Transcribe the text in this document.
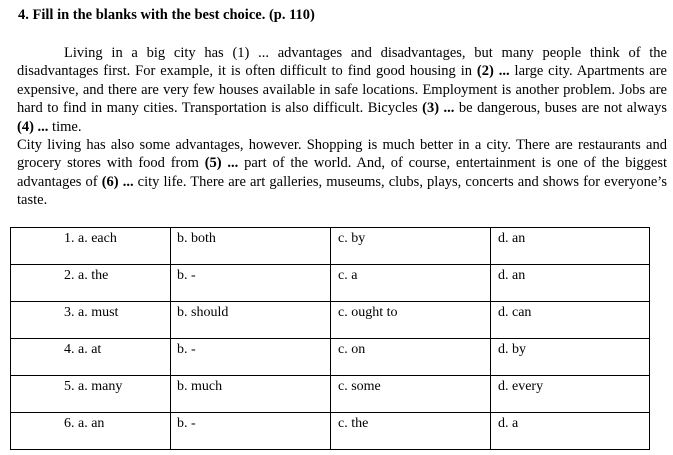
4. Fill in the blanks with the best choice. (p. 110)

Living in a big city has (1) ... advantages and disadvantages, but many people think of the disadvantages first. For example, it is often difficult to find good housing in (2) ... large city. Apartments are expensive, and there are very few houses available in safe locations. Employment is another problem. Jobs are hard to find in many cities. Transportation is also difficult. Bicycles (3) ... be dangerous, buses are not always (4) ... time.

City living has also some advantages, however. Shopping is much better in a city. There are restaurants and grocery stores with food from (5) ... part of the world. And, of course, entertainment is one of the biggest advantages of (6) ... city life. There are art galleries, museums, clubs, plays, concerts and shows for everyone’s taste.

1. a. each	b. both	c. by	d. an

2. a. the	b. -	c. a	d. an

3. a. must	b. should	c. ought to	d. can

4. a. at	b. -	c. on	d. by

5. a. many	b. much	c. some	d. every

6. a. an	b. -	c. the	d. a
